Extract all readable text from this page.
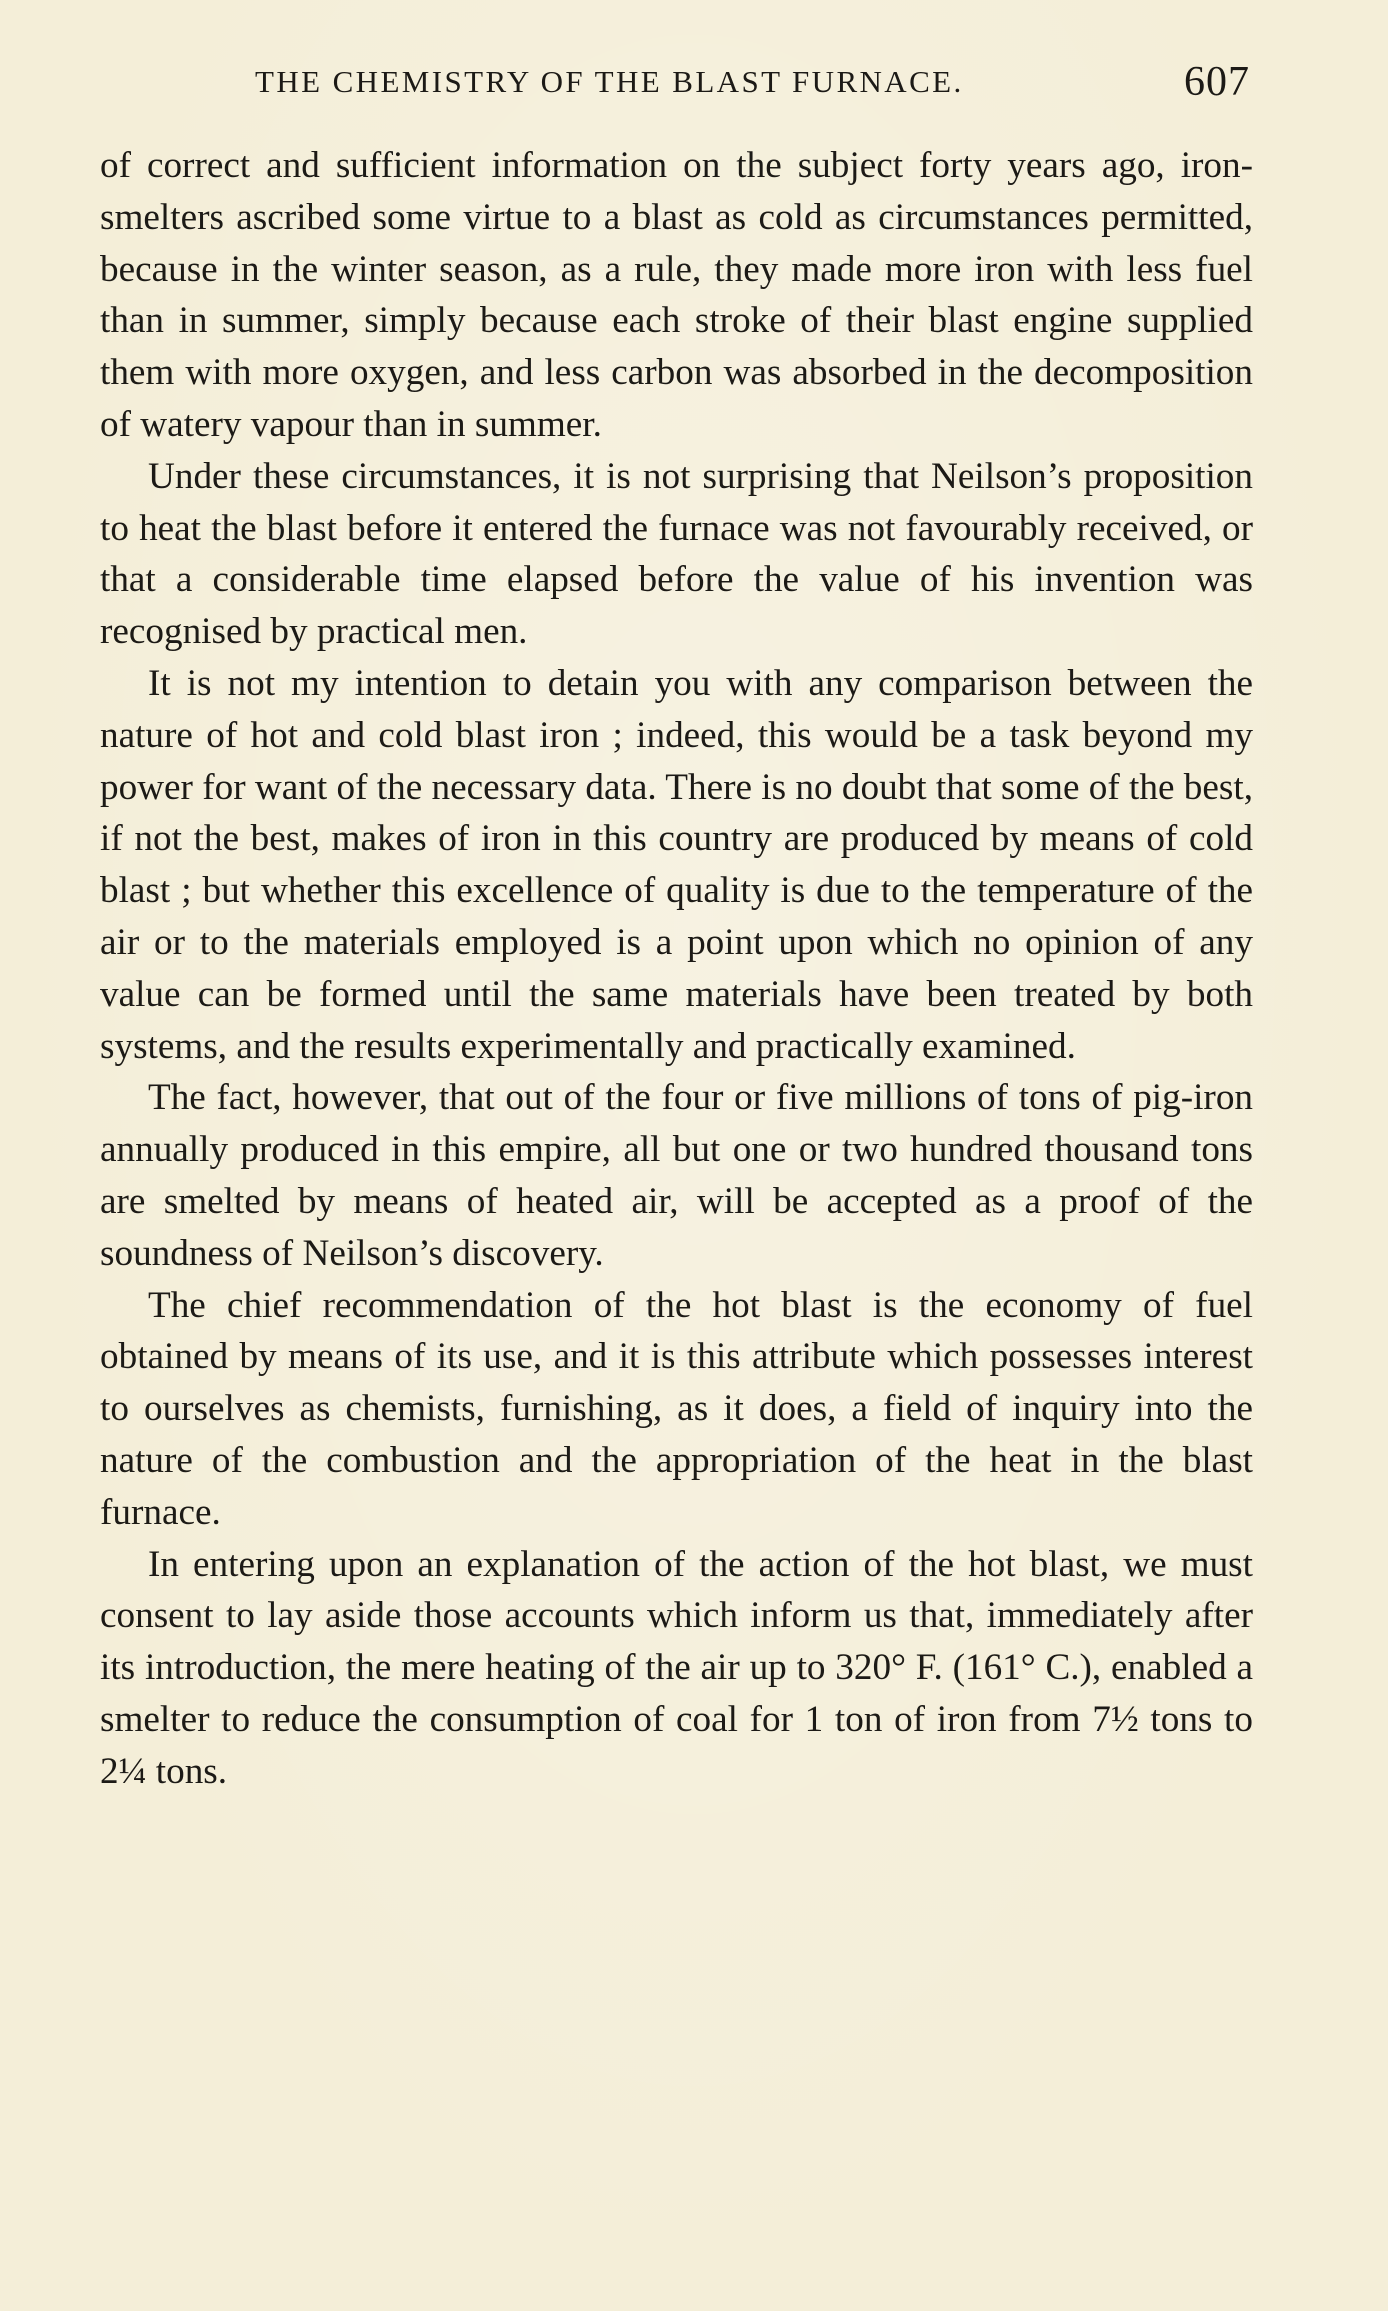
THE CHEMISTRY OF THE BLAST FURNACE.	607

of correct and sufficient information on the subject forty years ago, iron-smelters ascribed some virtue to a blast as cold as circumstances permitted, because in the winter season, as a rule, they made more iron with less fuel than in summer, simply because each stroke of their blast engine supplied them with more oxygen, and less carbon was absorbed in the decomposition of watery vapour than in summer.

Under these circumstances, it is not surprising that Neilson’s proposition to heat the blast before it entered the furnace was not favourably received, or that a considerable time elapsed before the value of his invention was recognised by practical men.

It is not my intention to detain you with any comparison between the nature of hot and cold blast iron ; indeed, this would be a task beyond my power for want of the necessary data. There is no doubt that some of the best, if not the best, makes of iron in this country are produced by means of cold blast ; but whether this excellence of quality is due to the temperature of the air or to the materials employed is a point upon which no opinion of any value can be formed until the same materials have been treated by both systems, and the results experimentally and practically examined.

The fact, however, that out of the four or five millions of tons of pig-iron annually produced in this empire, all but one or two hundred thousand tons are smelted by means of heated air, will be accepted as a proof of the soundness of Neilson’s discovery.

The chief recommendation of the hot blast is the economy of fuel obtained by means of its use, and it is this attribute which possesses interest to ourselves as chemists, furnishing, as it does, a field of inquiry into the nature of the combustion and the appropriation of the heat in the blast furnace.

In entering upon an explanation of the action of the hot blast, we must consent to lay aside those accounts which inform us that, immediately after its introduction, the mere heating of the air up to 320° F. (161° C.), enabled a smelter to reduce the consumption of coal for 1 ton of iron from 7½ tons to 2¼ tons.
